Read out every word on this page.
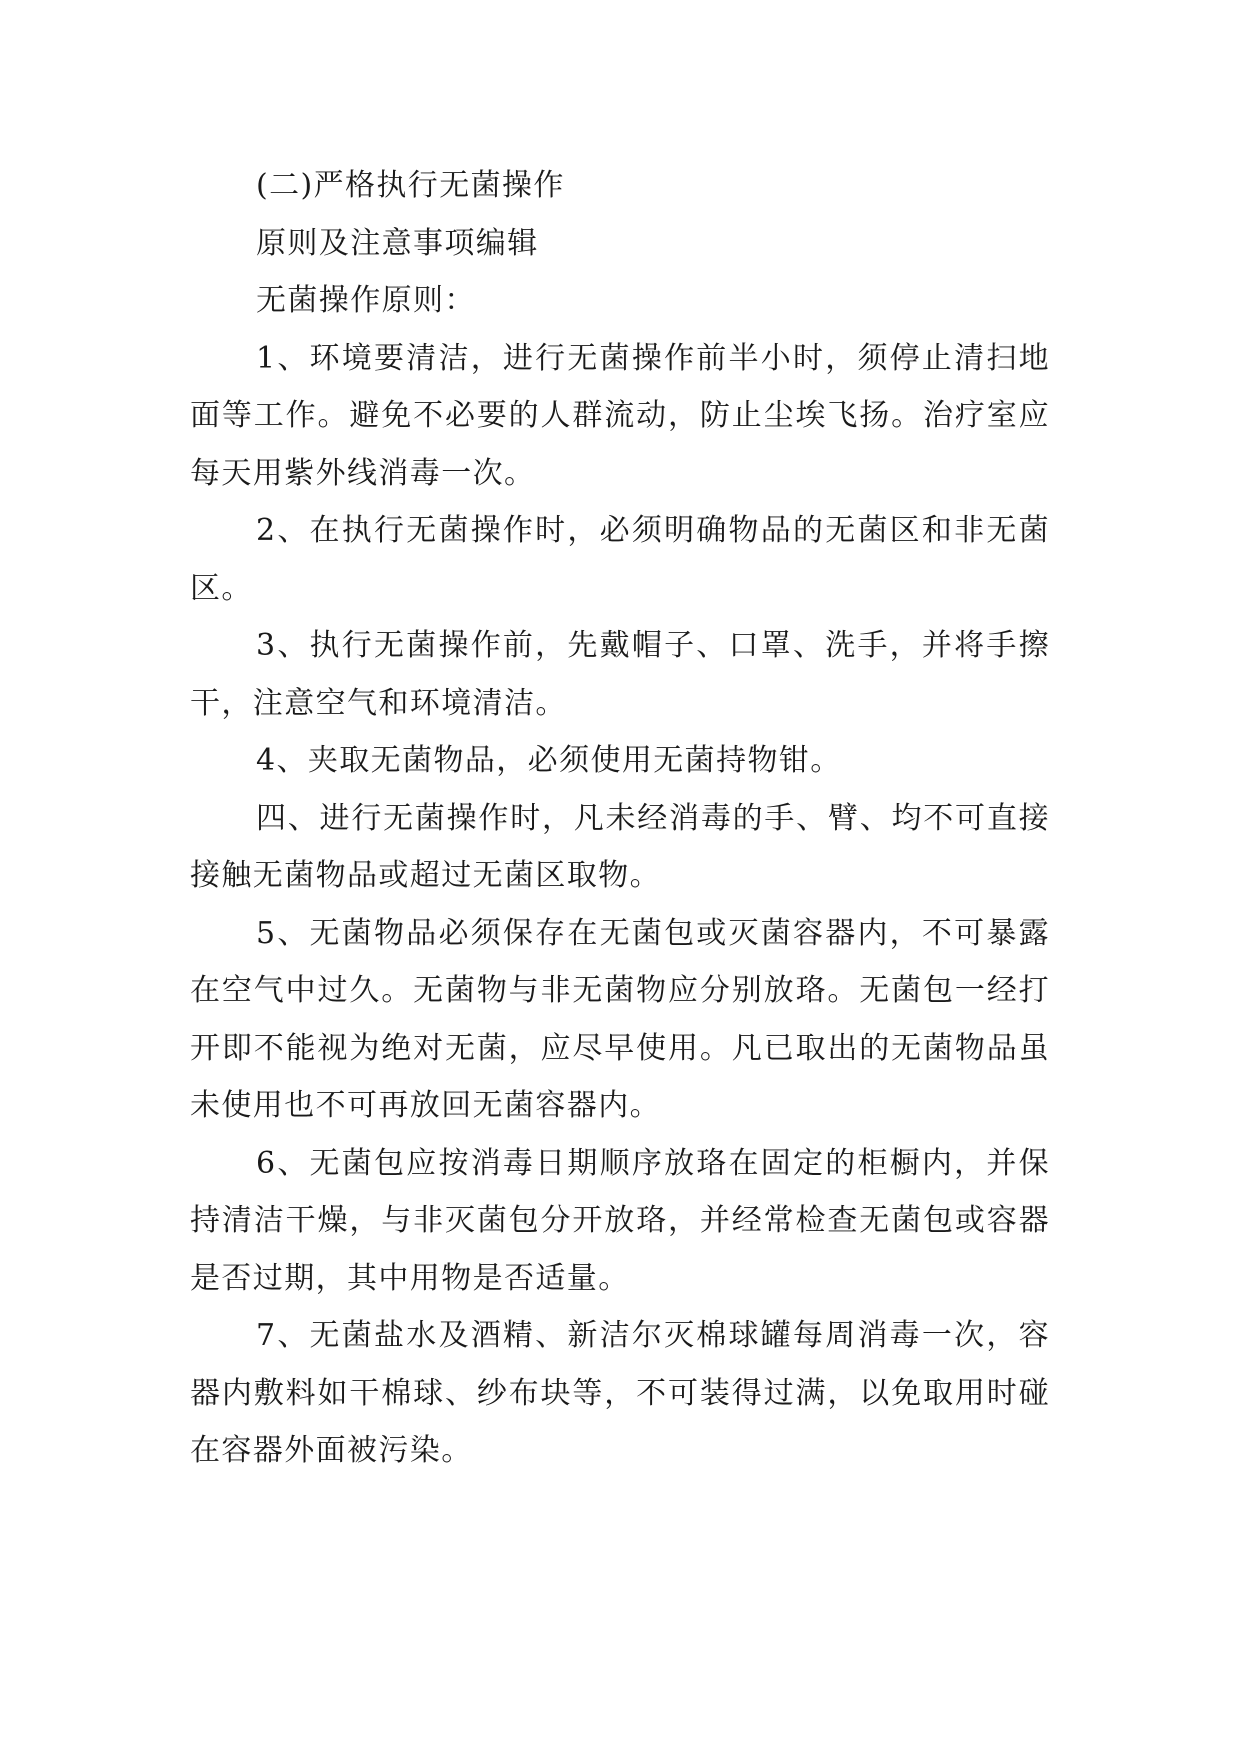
(二)严格执行无菌操作

原则及注意事项编辑

无菌操作原则：

1、环境要清洁，进行无菌操作前半小时，须停止清扫地面等工作。避免不必要的人群流动，防止尘埃飞扬。治疗室应每天用紫外线消毒一次。

2、在执行无菌操作时，必须明确物品的无菌区和非无菌区。

3、执行无菌操作前，先戴帽子、口罩、洗手，并将手擦干，注意空气和环境清洁。

4、夹取无菌物品，必须使用无菌持物钳。

四、进行无菌操作时，凡未经消毒的手、臂、均不可直接接触无菌物品或超过无菌区取物。

5、无菌物品必须保存在无菌包或灭菌容器内，不可暴露在空气中过久。无菌物与非无菌物应分别放珞。无菌包一经打开即不能视为绝对无菌，应尽早使用。凡已取出的无菌物品虽未使用也不可再放回无菌容器内。

6、无菌包应按消毒日期顺序放珞在固定的柜橱内，并保持清洁干燥，与非灭菌包分开放珞，并经常检查无菌包或容器是否过期，其中用物是否适量。

7、无菌盐水及酒精、新洁尔灭棉球罐每周消毒一次，容器内敷料如干棉球、纱布块等，不可装得过满，以免取用时碰在容器外面被污染。
